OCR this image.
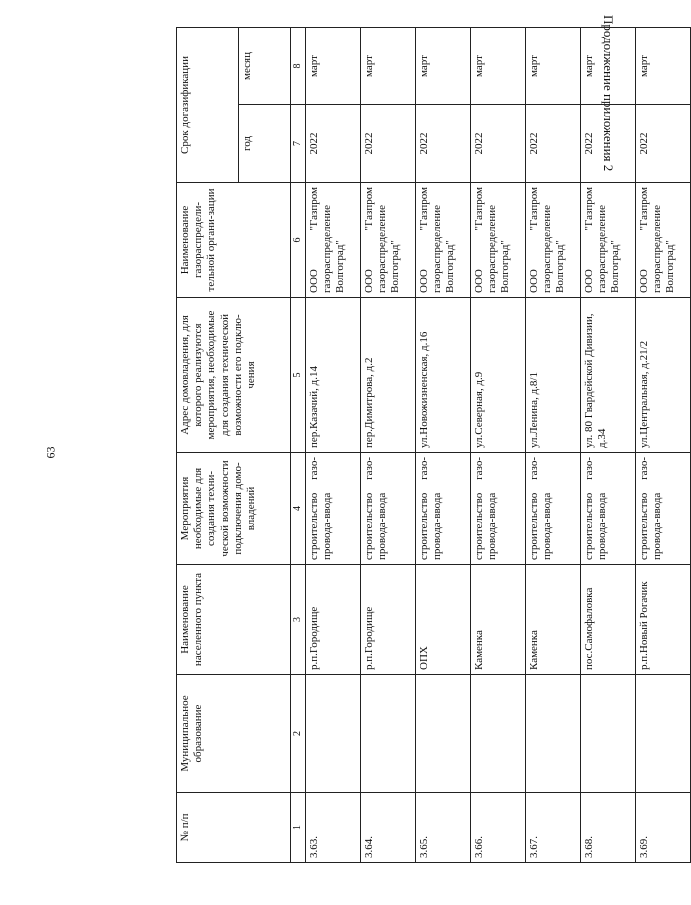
63
Продолжение приложения 2
№ п/п	Муниципальное образование	Наименование населенного пункта	Мероприятия необходимые для создания техни-ческой возможности подключения домо-владений	Адрес домовладения, для которого реализуются мероприятия, необходимые для создания технической возможности его подклю-чения	Наименование газораспредели-тельной органи-зации	Срок догазификации	
						год	месяц
1	2	3	4	5	6	7	8
3.63.		р.п.Городище	строительство газо-провода-ввода	пер.Казачий, д.14	ООО "Газпром газораспределение Волгоград"	2022	март
3.64.		р.п.Городище	строительство газо-провода-ввода	пер.Димитрова, д.2	ООО "Газпром газораспределение Волгоград"	2022	март
3.65.		ОПХ	строительство газо-провода-ввода	ул.Новожизненская, д.16	ООО "Газпром газораспределение Волгоград"	2022	март
3.66.		Каменка	строительство газо-провода-ввода	ул.Северная, д.9	ООО "Газпром газораспределение Волгоград"	2022	март
3.67.		Каменка	строительство газо-провода-ввода	ул.Ленина, д.8/1	ООО "Газпром газораспределение Волгоград"	2022	март
3.68.		пос.Самофаловка	строительство газо-провода-ввода	ул. 80 Гвардейской Дивизии, д.34	ООО "Газпром газораспределение Волгоград"	2022	март
3.69.		р.п.Новый Рогачик	строительство газо-провода-ввода	ул.Центральная, д.21/2	ООО "Газпром газораспределение Волгоград"	2022	март
